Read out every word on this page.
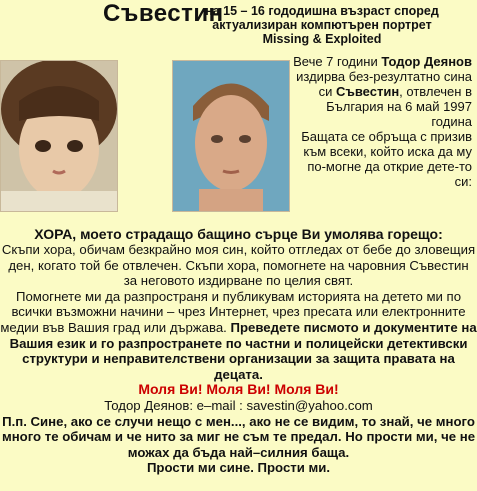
Съвестин
на 15 – 16 гододишна възраст според
актуализиран компютърен портрет
Missing & Exploited
Вече 7 години Тодор Деянов издирва без-резултатно сина си Съвестин, отвлечен в България на 6 май 1997 година
Бащата се обръща с призив към всеки, който иска да му по-могне да открие дете-то си:
ХОРА, моето страдащо бащино сърце Ви умолява горещо:
Скъпи хора, обичам безкрайно моя син, който отгледах от бебе до зловещия ден, когато той бе отвлечен. Скъпи хора, помогнете на чаровния Съвестин за неговото издирване по целия свят.
Помогнете ми да разпространя и публикувам историята на детето ми по всички възможни начини – чрез Интернет, чрез пресата или електронните медии във Вашия град или държава. Преведете писмото и документите на Вашия език и го разпространете по частни и полицейски детективски структури и неправителствени организации за защита правата на децата.
Моля Ви! Моля Ви! Моля Ви!
Тодор Деянов: e–mail : savestin@yahoo.com
П.п. Сине, ако се случи нещо с мен..., ако не се видим, то знай, че много много те обичам и че нито за миг не съм те предал. Но прости ми, че не можах да бъда най–силния баща.
Прости ми сине. Прости ми.
